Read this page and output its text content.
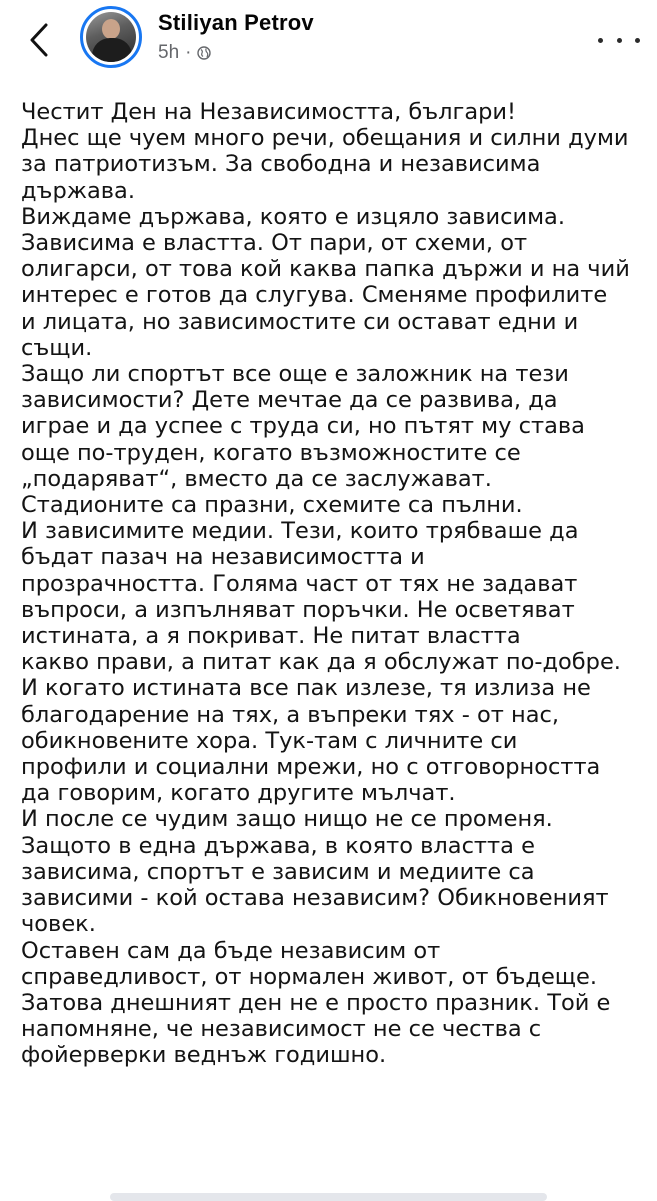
Stiliyan Petrov
5h ·
Честит Ден на Независимостта, българи!
Днес ще чуем много речи, обещания и силни думи
за патриотизъм. За свободна и независима
държава.
Виждаме държава, която е изцяло зависима.
Зависима е властта. От пари, от схеми, от
олигарси, от това кой каква папка държи и на чий
интерес е готов да слугува. Сменяме профилите
и лицата, но зависимостите си остават едни и
същи.
Защо ли спортът все още е заложник на тези
зависимости? Дете мечтае да се развива, да
играе и да успее с труда си, но пътят му става
още по-труден, когато възможностите се
„подаряват“, вместо да се заслужават.
Стадионите са празни, схемите са пълни.
И зависимите медии. Тези, които трябваше да
бъдат пазач на независимостта и
прозрачността. Голяма част от тях не задават
въпроси, а изпълняват поръчки. Не осветяват
истината, а я покриват. Не питат властта
какво прави, а питат как да я обслужат по-добре.
И когато истината все пак излезе, тя излиза не
благодарение на тях, а въпреки тях - от нас,
обикновените хора. Тук-там с личните си
профили и социални мрежи, но с отговорността
да говорим, когато другите мълчат.
И после се чудим защо нищо не се променя.
Защото в една държава, в която властта е
зависима, спортът е зависим и медиите са
зависими - кой остава независим? Обикновеният
човек.
Оставен сам да бъде независим от
справедливост, от нормален живот, от бъдеще.
Затова днешният ден не е просто празник. Той е
напомняне, че независимост не се чества с
фойерверки веднъж годишно.
